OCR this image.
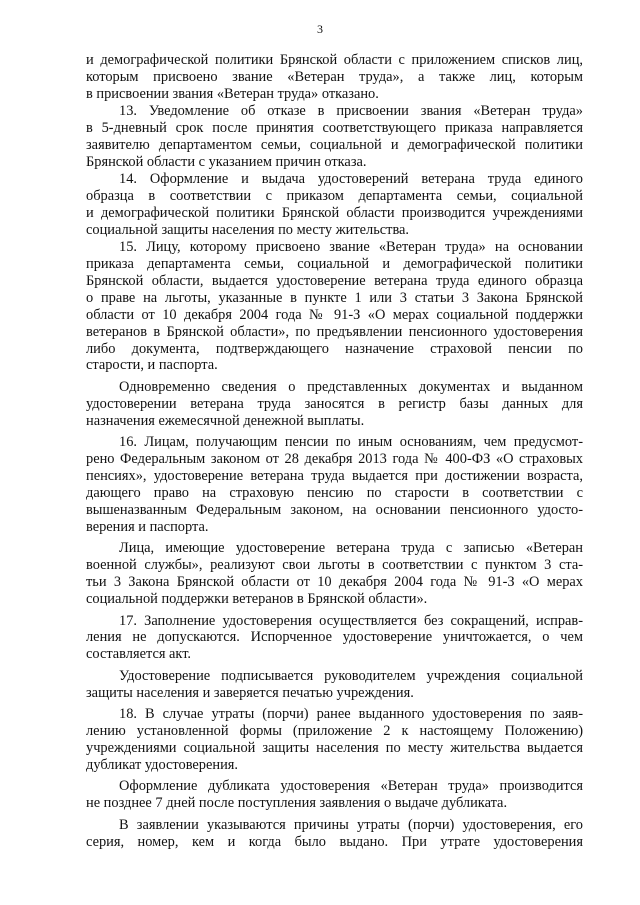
3

и демографической политики Брянской области с приложением списков лиц,
которым присвоено звание «Ветеран труда», а также лиц, которым
в присвоении звания «Ветеран труда» отказано.

13. Уведомление об отказе в присвоении звания «Ветеран труда»
в 5-дневный срок после принятия соответствующего приказа направляется
заявителю департаментом семьи, социальной и демографической политики
Брянской области с указанием причин отказа.

14. Оформление и выдача удостоверений ветерана труда единого
образца в соответствии с приказом департамента семьи, социальной
и демографической политики Брянской области производится учреждениями
социальной защиты населения по месту жительства.

15. Лицу, которому присвоено звание «Ветеран труда» на основании
приказа департамента семьи, социальной и демографической политики
Брянской области, выдается удостоверение ветерана труда единого образца
о праве на льготы, указанные в пункте 1 или 3 статьи 3 Закона Брянской
области от 10 декабря 2004 года № 91-З «О мерах социальной поддержки
ветеранов в Брянской области», по предъявлении пенсионного удостоверения
либо документа, подтверждающего назначение страховой пенсии по
старости, и паспорта.

Одновременно сведения о представленных документах и выданном
удостоверении ветерана труда заносятся в регистр базы данных для
назначения ежемесячной денежной выплаты.

16. Лицам, получающим пенсии по иным основаниям, чем предусмот-
рено Федеральным законом от 28 декабря 2013 года № 400-ФЗ «О страховых
пенсиях», удостоверение ветерана труда выдается при достижении возраста,
дающего право на страховую пенсию по старости в соответствии с
вышеназванным Федеральным законом, на основании пенсионного удосто-
верения и паспорта.

Лица, имеющие удостоверение ветерана труда с записью «Ветеран
военной службы», реализуют свои льготы в соответствии с пунктом 3 ста-
тьи 3 Закона Брянской области от 10 декабря 2004 года № 91-З «О мерах
социальной поддержки ветеранов в Брянской области».

17. Заполнение удостоверения осуществляется без сокращений, исправ-
ления не допускаются. Испорченное удостоверение уничтожается, о чем
составляется акт.

Удостоверение подписывается руководителем учреждения социальной
защиты населения и заверяется печатью учреждения.

18. В случае утраты (порчи) ранее выданного удостоверения по заяв-
лению установленной формы (приложение 2 к настоящему Положению)
учреждениями социальной защиты населения по месту жительства выдается
дубликат удостоверения.

Оформление дубликата удостоверения «Ветеран труда» производится
не позднее 7 дней после поступления заявления о выдаче дубликата.

В заявлении указываются причины утраты (порчи) удостоверения, его
серия, номер, кем и когда было выдано. При утрате удостоверения
